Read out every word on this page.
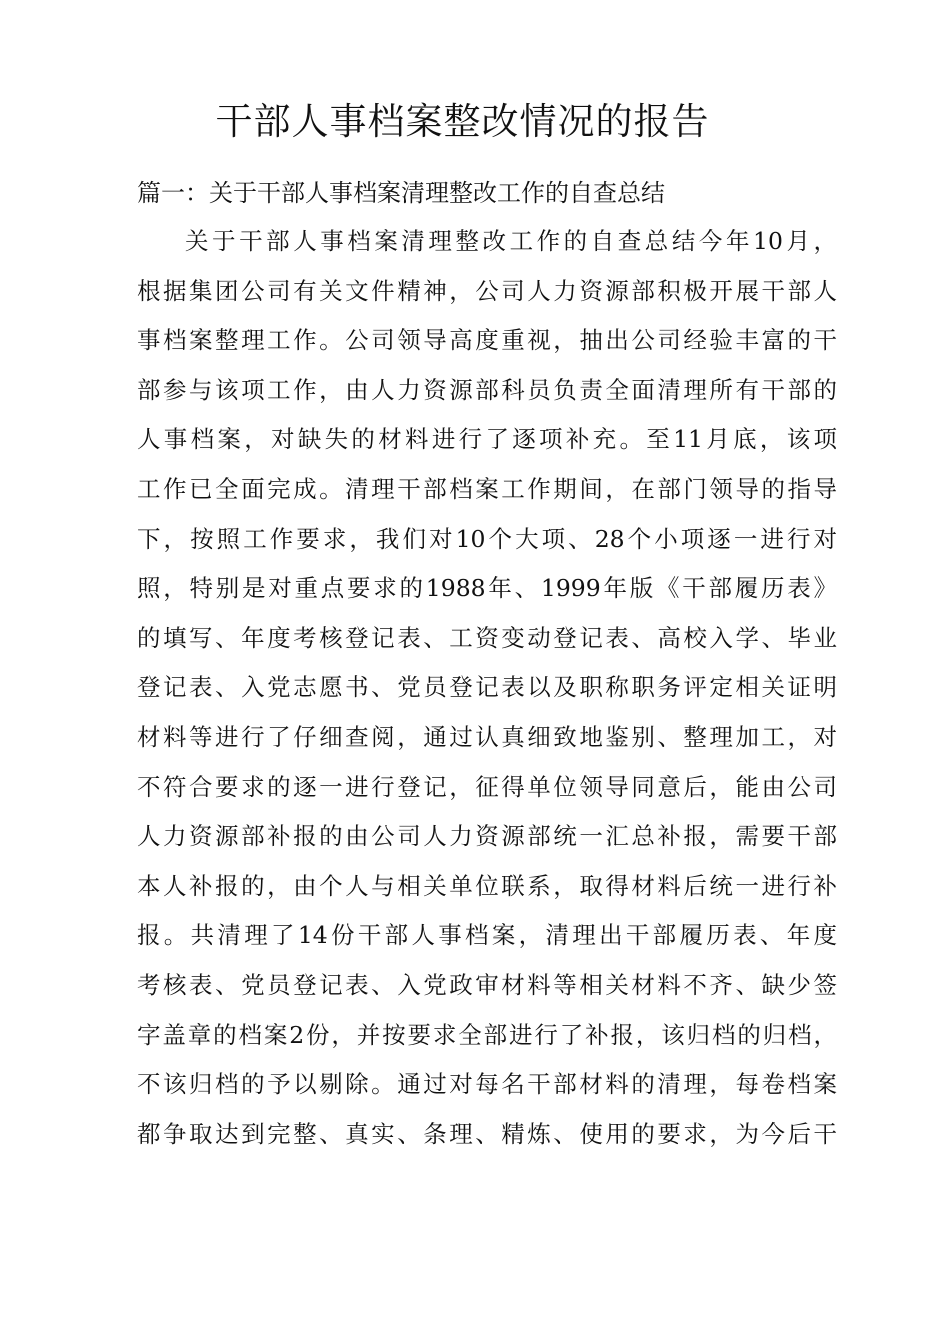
干部人事档案整改情况的报告
篇一：关于干部人事档案清理整改工作的自查总结
关于干部人事档案清理整改工作的自查总结今年10月，
根据集团公司有关文件精神，公司人力资源部积极开展干部人
事档案整理工作。公司领导高度重视，抽出公司经验丰富的干
部参与该项工作，由人力资源部科员负责全面清理所有干部的
人事档案，对缺失的材料进行了逐项补充。至11月底，该项
工作已全面完成。清理干部档案工作期间，在部门领导的指导
下，按照工作要求，我们对10个大项、28个小项逐一进行对
照，特别是对重点要求的1988年、1999年版《干部履历表》
的填写、年度考核登记表、工资变动登记表、高校入学、毕业
登记表、入党志愿书、党员登记表以及职称职务评定相关证明
材料等进行了仔细查阅，通过认真细致地鉴别、整理加工，对
不符合要求的逐一进行登记，征得单位领导同意后，能由公司
人力资源部补报的由公司人力资源部统一汇总补报，需要干部
本人补报的，由个人与相关单位联系，取得材料后统一进行补
报。共清理了14份干部人事档案，清理出干部履历表、年度
考核表、党员登记表、入党政审材料等相关材料不齐、缺少签
字盖章的档案2份，并按要求全部进行了补报，该归档的归档，
不该归档的予以剔除。通过对每名干部材料的清理，每卷档案
都争取达到完整、真实、条理、精炼、使用的要求，为今后干
